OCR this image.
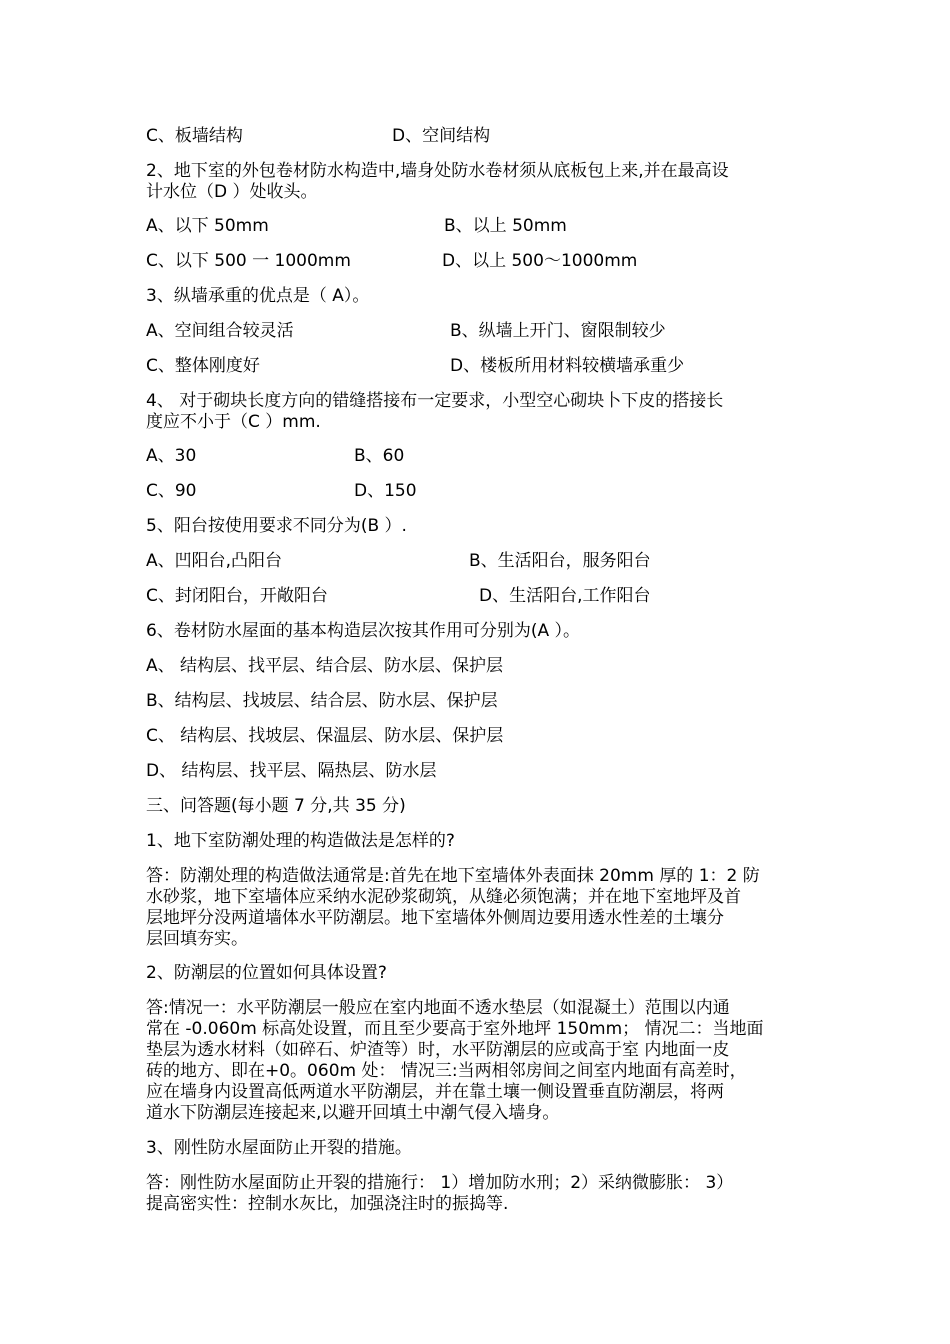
C、板墙结构	D、空间结构
2、地下室的外包卷材防水构造中,墙身处防水卷材须从底板包上来,并在最高设
计水位（D ）处收头。
A、以下 50mm	B、以上 50mm
C、以下 500 一 1000mm	D、以上 500～1000mm
3、纵墙承重的优点是（ A）。
A、空间组合较灵活	B、纵墙上开门、窗限制较少
C、整体刚度好	D、楼板所用材料较横墙承重少
4、 对于砌块长度方向的错缝搭接布一定要求，小型空心砌块卜下皮的搭接长
度应不小于（C ）mm.
A、30	B、60
C、90	D、150
5、阳台按使用要求不同分为(B ）.
A、凹阳台,凸阳台	B、生活阳台，服务阳台
C、封闭阳台，开敞阳台	D、生活阳台,工作阳台
6、卷材防水屋面的基本构造层次按其作用可分别为(A ）。
A、 结构层、找平层、结合层、防水层、保护层
B、结构层、找坡层、结合层、防水层、保护层
C、 结构层、找坡层、保温层、防水层、保护层
D、 结构层、找平层、隔热层、防水层
三、问答题(每小题 7 分,共 35 分)
1、地下室防潮处理的构造做法是怎样的?
答：防潮处理的构造做法通常是:首先在地下室墙体外表面抹 20mm 厚的 1：2 防
水砂浆，地下室墙体应采纳水泥砂浆砌筑，从缝必须饱满；并在地下室地坪及首
层地坪分没两道墙体水平防潮层。地下室墙体外侧周边要用透水性差的土壤分
层回填夯实。
2、防潮层的位置如何具体设置?
答:情况一：水平防潮层一般应在室内地面不透水垫层（如混凝土）范围以内通
常在 -0.060m 标高处设置，而且至少要高于室外地坪 150mm； 情况二：当地面
垫层为透水材料（如碎石、炉渣等）时，水平防潮层的应或高于室 内地面一皮
砖的地方、即在+0。060m 处： 情况三:当两相邻房间之间室内地面有高差时，
应在墙身内设置高低两道水平防潮层，并在靠土壤一侧设置垂直防潮层，将两
道水下防潮层连接起来,以避开回填土中潮气侵入墙身。
3、刚性防水屋面防止开裂的措施。
答：刚性防水屋面防止开裂的措施行： 1）增加防水刑；2）采纳微膨胀： 3）
提高密实性：控制水灰比，加强浇注时的振捣等.
